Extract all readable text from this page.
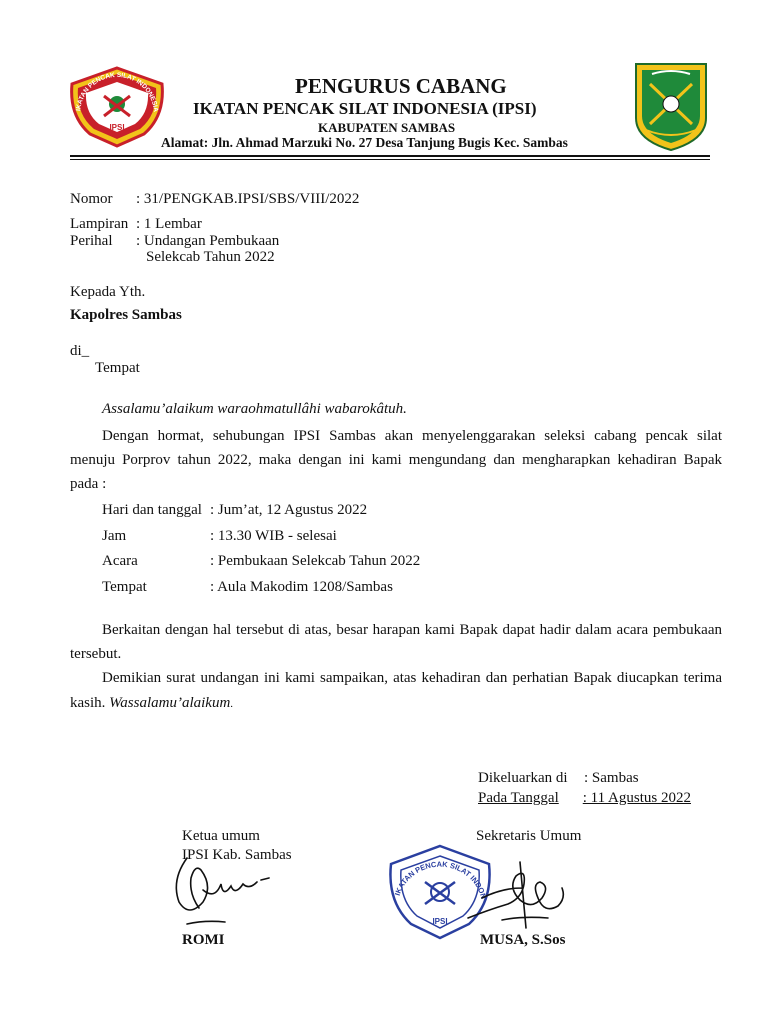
IKATAN PENCAK SILAT INDONESIA
IPSI
PENGURUS CABANG
IKATAN PENCAK SILAT INDONESIA (IPSI)
KABUPATEN SAMBAS
Alamat: Jln. Ahmad Marzuki No. 27 Desa Tanjung Bugis Kec. Sambas
Nomor : 31/PENGKAB.IPSI/SBS/VIII/2022
Lampiran : 1 Lembar
Perihal : Undangan Pembukaan
Selekcab Tahun 2022
Kepada Yth.
Kapolres Sambas
di_
Tempat
Assalamu’alaikum waraohmatullâhi wabarokâtuh.
Dengan hormat, sehubungan IPSI Sambas akan menyelenggarakan seleksi cabang pencak silat
menuju Porprov tahun 2022, maka dengan ini kami mengundang dan mengharapkan kehadiran Bapak
pada :
Hari dan tanggal : Jum’at, 12 Agustus 2022
Jam	: 13.30 WIB - selesai
Acara	: Pembukaan Selekcab Tahun 2022
Tempat	: Aula Makodim 1208/Sambas
Berkaitan dengan hal tersebut di atas, besar harapan kami Bapak dapat hadir dalam acara pembukaan
tersebut.
Demikian surat undangan ini kami sampaikan, atas kehadiran dan perhatian Bapak diucapkan terima
kasih. Wassalamu’alaikum.
Dikeluarkan di : Sambas
Pada Tanggal : 11 Agustus 2022
Ketua umum
IPSI Kab. Sambas
Sekretaris Umum
IKATAN PENCAK SILAT INDON
IPSI
ROMI	MUSA, S.Sos
